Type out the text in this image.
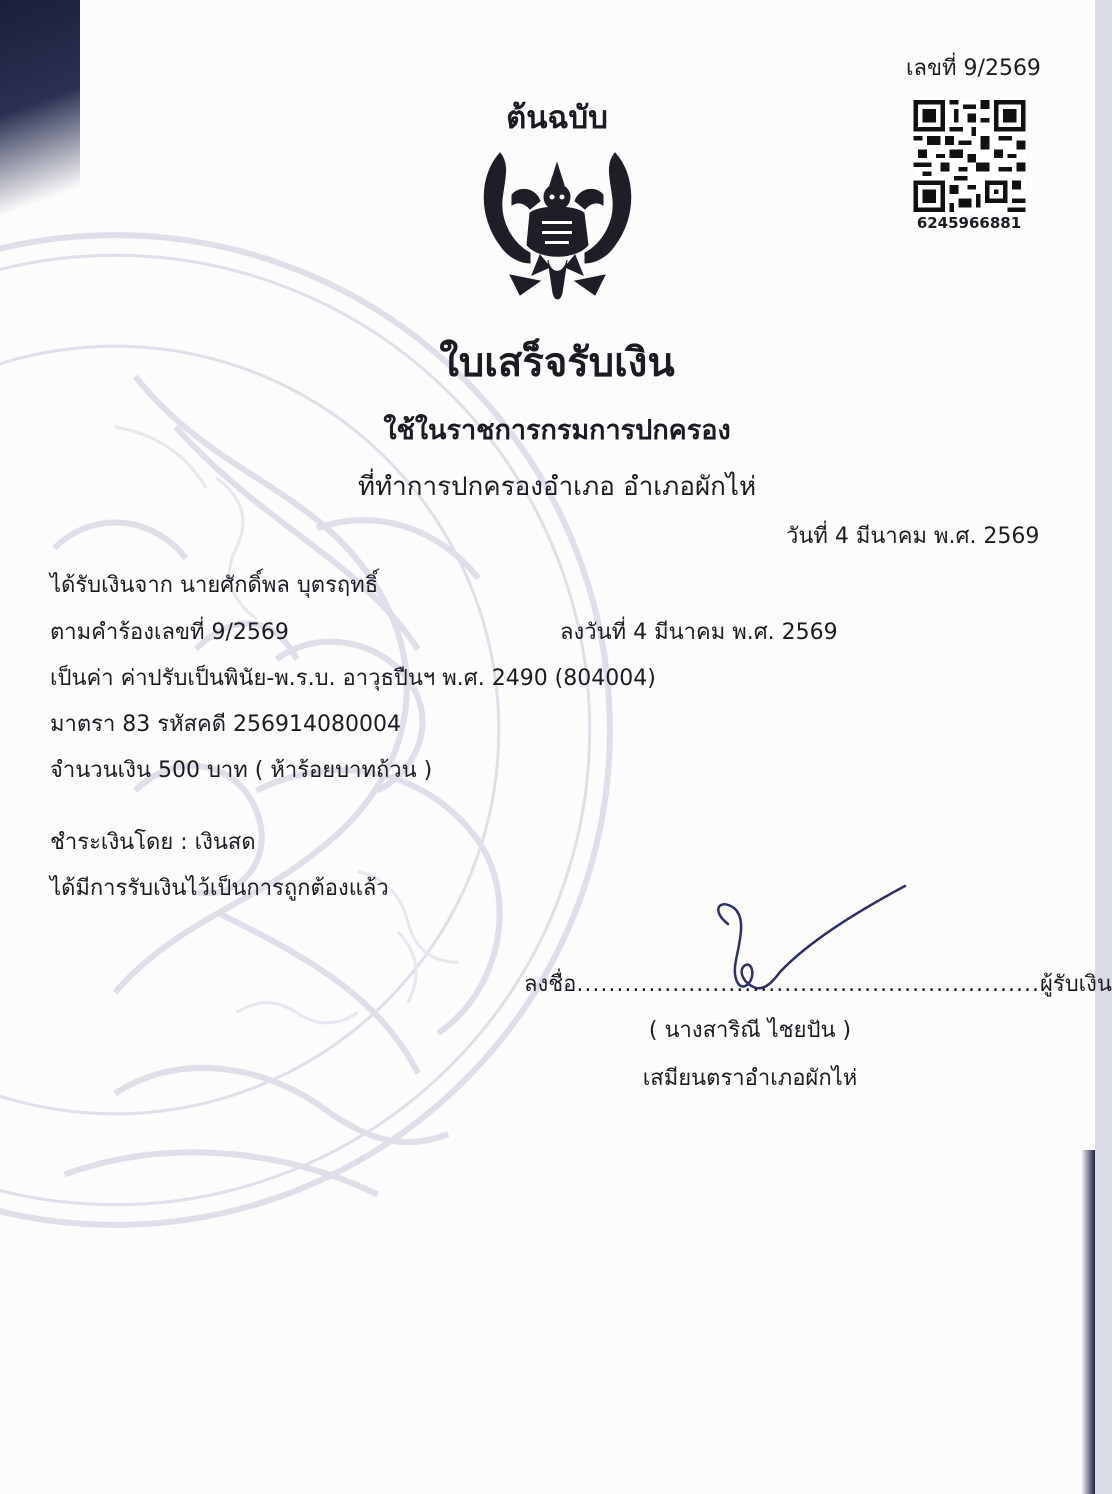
เลขที่ 9/2569
ต้นฉบับ
6245966881
ใบเสร็จรับเงิน
ใช้ในราชการกรมการปกครอง
ที่ทำการปกครองอำเภอ อำเภอผักไห่
วันที่ 4 มีนาคม พ.ศ. 2569
ได้รับเงินจาก นายศักดิ์พล บุตรฤทธิ์
ตามคำร้องเลขที่ 9/2569	ลงวันที่ 4 มีนาคม พ.ศ. 2569
เป็นค่า ค่าปรับเป็นพินัย-พ.ร.บ. อาวุธปืนฯ พ.ศ. 2490 (804004)
มาตรา 83 รหัสคดี 256914080004
จำนวนเงิน 500 บาท ( ห้าร้อยบาทถ้วน )
ชำระเงินโดย : เงินสด
ได้มีการรับเงินไว้เป็นการถูกต้องแล้ว
ลงชื่อ..........................................................ผู้รับเงิน
( นางสาริณี ไชยปัน )
เสมียนตราอำเภอผักไห่
